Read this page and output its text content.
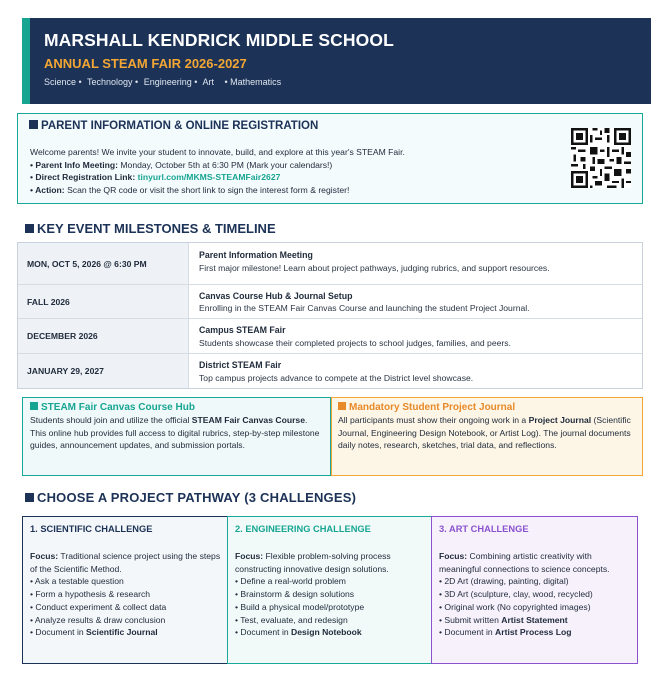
MARSHALL KENDRICK MIDDLE SCHOOL
ANNUAL STEAM FAIR 2026-2027
Science • Technology • Engineering • Art • Mathematics
PARENT INFORMATION & ONLINE REGISTRATION
Welcome parents! We invite your student to innovate, build, and explore at this year's STEAM Fair.
• Parent Info Meeting: Monday, October 5th at 6:30 PM (Mark your calendars!)
• Direct Registration Link: tinyurl.com/MKMS-STEAMFair2627
• Action: Scan the QR code or visit the short link to sign the interest form & register!
KEY EVENT MILESTONES & TIMELINE
MON, OCT 5, 2026 @ 6:30 PM
Parent Information Meeting
First major milestone! Learn about project pathways, judging rubrics, and support resources.
FALL 2026
Canvas Course Hub & Journal Setup
Enrolling in the STEAM Fair Canvas Course and launching the student Project Journal.
DECEMBER 2026
Campus STEAM Fair
Students showcase their completed projects to school judges, families, and peers.
JANUARY 29, 2027
District STEAM Fair
Top campus projects advance to compete at the District level showcase.
STEAM Fair Canvas Course Hub
Students should join and utilize the official STEAM Fair Canvas Course. This online hub provides full access to digital rubrics, step-by-step milestone guides, announcement updates, and submission portals.
Mandatory Student Project Journal
All participants must show their ongoing work in a Project Journal (Scientific Journal, Engineering Design Notebook, or Artist Log). The journal documents daily notes, research, sketches, trial data, and reflections.
CHOOSE A PROJECT PATHWAY (3 CHALLENGES)
1. SCIENTIFIC CHALLENGE
Focus: Traditional science project using the steps of the Scientific Method.
• Ask a testable question
• Form a hypothesis & research
• Conduct experiment & collect data
• Analyze results & draw conclusion
• Document in Scientific Journal
2. ENGINEERING CHALLENGE
Focus: Flexible problem-solving process constructing innovative design solutions.
• Define a real-world problem
• Brainstorm & design solutions
• Build a physical model/prototype
• Test, evaluate, and redesign
• Document in Design Notebook
3. ART CHALLENGE
Focus: Combining artistic creativity with meaningful connections to science concepts.
• 2D Art (drawing, painting, digital)
• 3D Art (sculpture, clay, wood, recycled)
• Original work (No copyrighted images)
• Submit written Artist Statement
• Document in Artist Process Log
